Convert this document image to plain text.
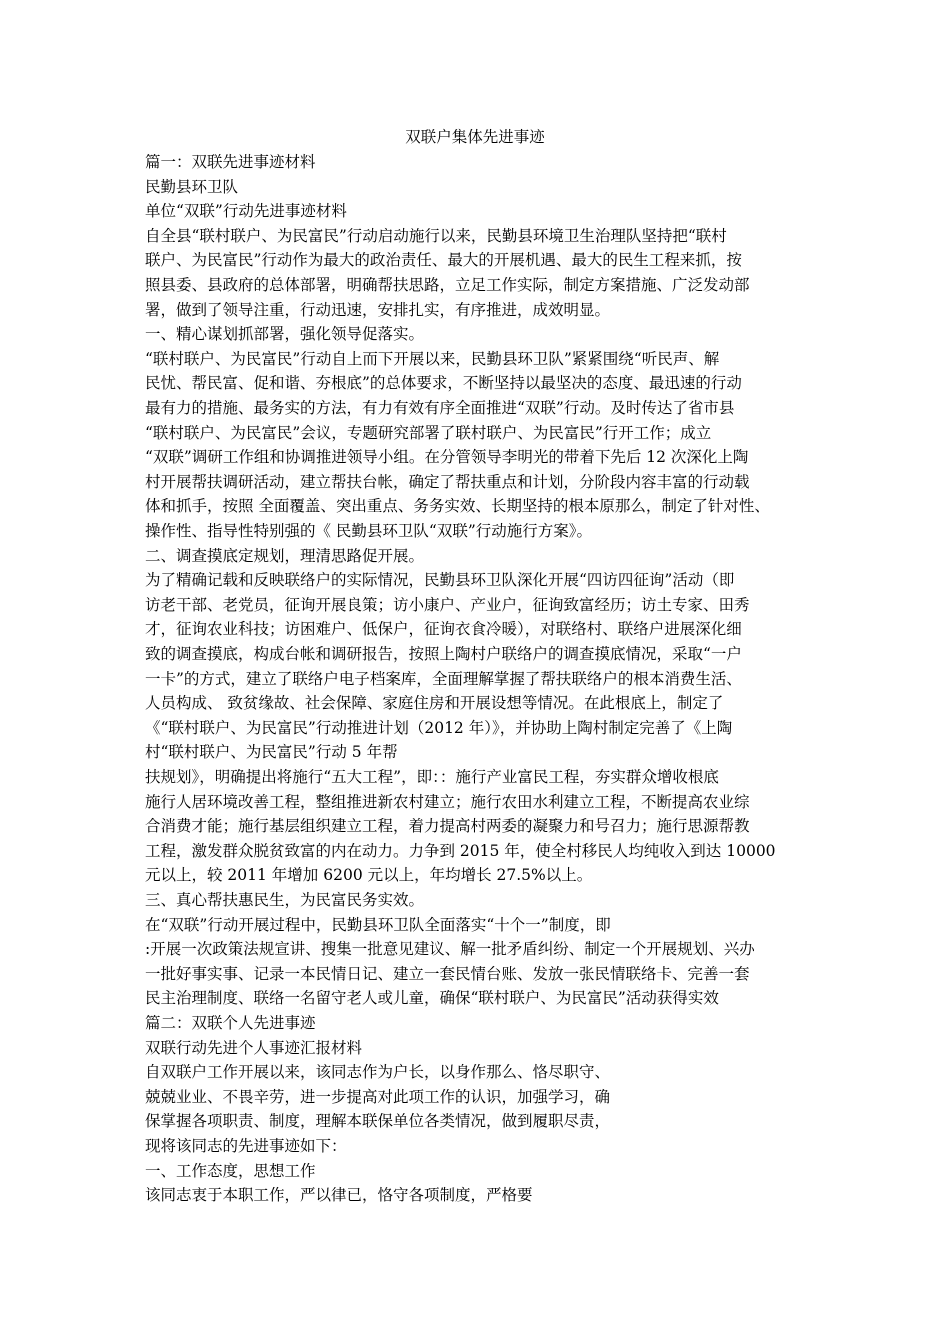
双联户集体先进事迹
篇一：双联先进事迹材料
民勤县环卫队
单位“双联”行动先进事迹材料
自全县“联村联户、为民富民”行动启动施行以来，民勤县环境卫生治理队坚持把“联村
联户、为民富民”行动作为最大的政治责任、最大的开展机遇、最大的民生工程来抓，按
照县委、县政府的总体部署，明确帮扶思路，立足工作实际，制定方案措施、广泛发动部
署，做到了领导注重，行动迅速，安排扎实，有序推进，成效明显。
一、精心谋划抓部署，强化领导促落实。
“联村联户、为民富民”行动自上而下开展以来，民勤县环卫队”紧紧围绕“听民声、解
民忧、帮民富、促和谐、夯根底”的总体要求，不断坚持以最坚决的态度、最迅速的行动
最有力的措施、最务实的方法，有力有效有序全面推进“双联”行动。及时传达了省市县
“联村联户、为民富民”会议，专题研究部署了联村联户、为民富民”行开工作；成立
“双联”调研工作组和协调推进领导小组。在分管领导李明光的带着下先后 12 次深化上陶
村开展帮扶调研活动，建立帮扶台帐，确定了帮扶重点和计划，分阶段内容丰富的行动载
体和抓手，按照 全面覆盖、突出重点、务务实效、长期坚持的根本原那么，制定了针对性、
操作性、指导性特别强的《 民勤县环卫队“双联”行动施行方案》。
二、调查摸底定规划，理清思路促开展。
为了精确记载和反映联络户的实际情况，民勤县环卫队深化开展“四访四征询”活动（即
访老干部、老党员，征询开展良策；访小康户、产业户，征询致富经历；访土专家、田秀
才，征询农业科技；访困难户、低保户，征询衣食冷暖），对联络村、联络户进展深化细
致的调查摸底，构成台帐和调研报告，按照上陶村户联络户的调查摸底情况，采取“一户
一卡”的方式，建立了联络户电子档案库，全面理解掌握了帮扶联络户的根本消费生活、
人员构成、 致贫缘故、社会保障、家庭住房和开展设想等情况。在此根底上，制定了
《“联村联户、为民富民”行动推进计划（2012 年）》，并协助上陶村制定完善了《上陶
村“联村联户、为民富民”行动 5 年帮
扶规划》，明确提出将施行“五大工程”，即：：施行产业富民工程，夯实群众增收根底
施行人居环境改善工程，整组推进新农村建立；施行农田水利建立工程，不断提高农业综
合消费才能；施行基层组织建立工程，着力提高村两委的凝聚力和号召力；施行思源帮教
工程，激发群众脱贫致富的内在动力。力争到 2015 年，使全村移民人均纯收入到达 10000
元以上，较 2011 年增加 6200 元以上，年均增长 27.5%以上。
三、真心帮扶惠民生，为民富民务实效。
在“双联”行动开展过程中，民勤县环卫队全面落实“十个一”制度，即
:开展一次政策法规宣讲、搜集一批意见建议、解一批矛盾纠纷、制定一个开展规划、兴办
一批好事实事、记录一本民情日记、建立一套民情台账、发放一张民情联络卡、完善一套
民主治理制度、联络一名留守老人或儿童，确保“联村联户、为民富民”活动获得实效
篇二：双联个人先进事迹
双联行动先进个人事迹汇报材料
自双联户工作开展以来，该同志作为户长，以身作那么、恪尽职守、
兢兢业业、不畏辛劳，进一步提高对此项工作的认识，加强学习，确
保掌握各项职责、制度，理解本联保单位各类情况，做到履职尽责，
现将该同志的先进事迹如下：
一、工作态度，思想工作
该同志衷于本职工作，严以律已，恪守各项制度，严格要
